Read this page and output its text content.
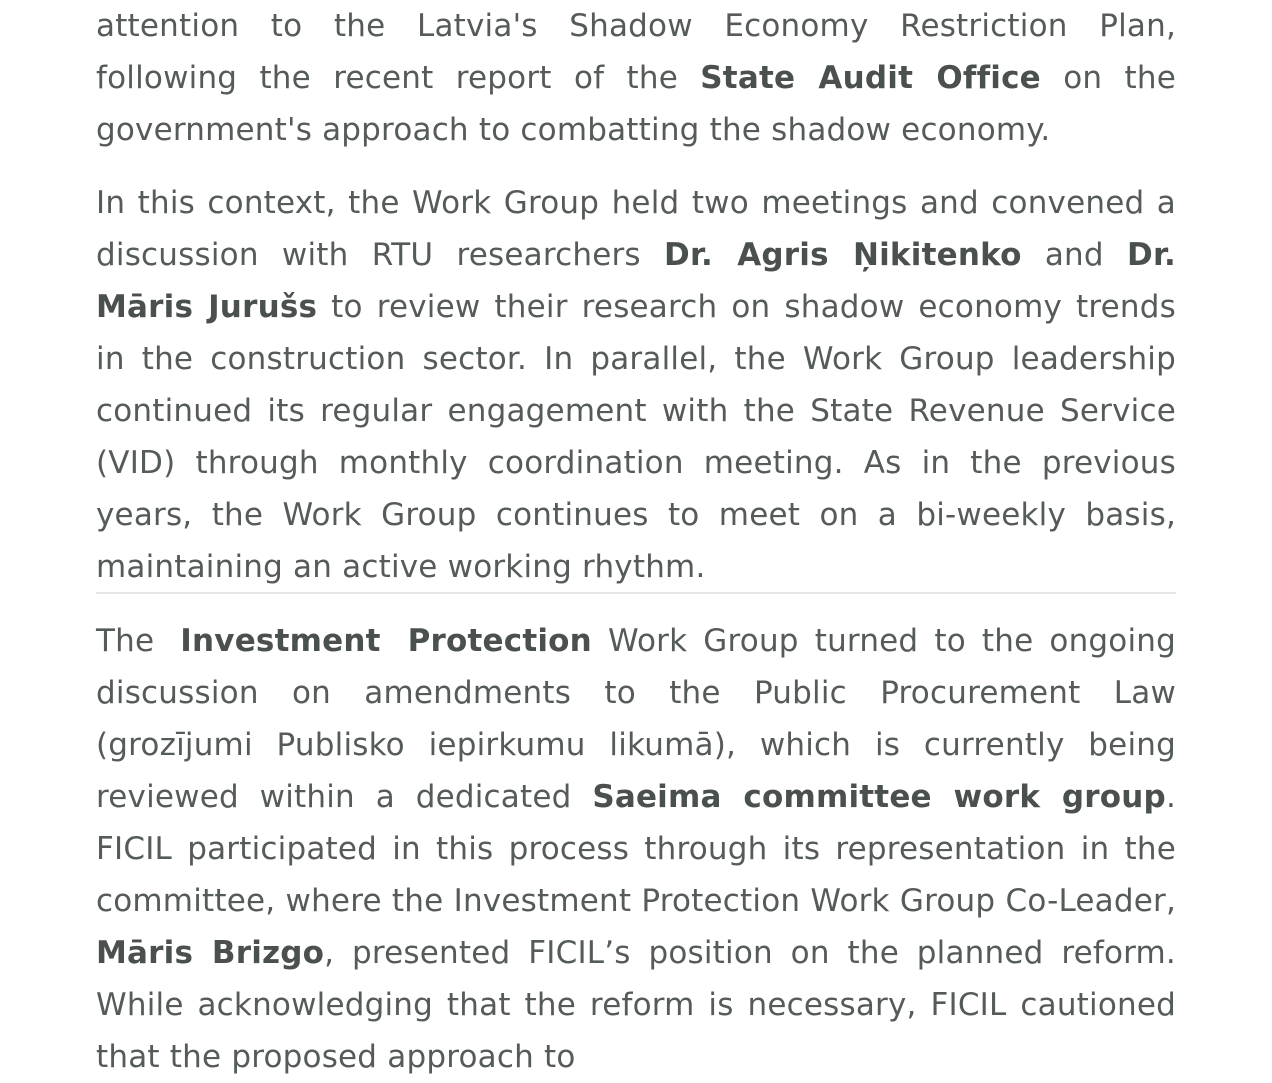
attention to the Latvia's Shadow Economy Restriction Plan, following the recent report of the State Audit Office on the government's approach to combatting the shadow economy.

In this context, the Work Group held two meetings and convened a discussion with RTU researchers Dr. Agris Ņikitenko and Dr. Māris Jurušs to review their research on shadow economy trends in the construction sector. In parallel, the Work Group leadership continued its regular engagement with the State Revenue Service (VID) through monthly coordination meeting. As in the previous years, the Work Group continues to meet on a bi-weekly basis, maintaining an active working rhythm.

The Investment Protection Work Group turned to the ongoing discussion on amendments to the Public Procurement Law (grozījumi Publisko iepirkumu likumā), which is currently being reviewed within a dedicated Saeima committee work group. FICIL participated in this process through its representation in the committee, where the Investment Protection Work Group Co-Leader, Māris Brizgo, presented FICIL’s position on the planned reform. While acknowledging that the reform is necessary, FICIL cautioned that the proposed approach to
